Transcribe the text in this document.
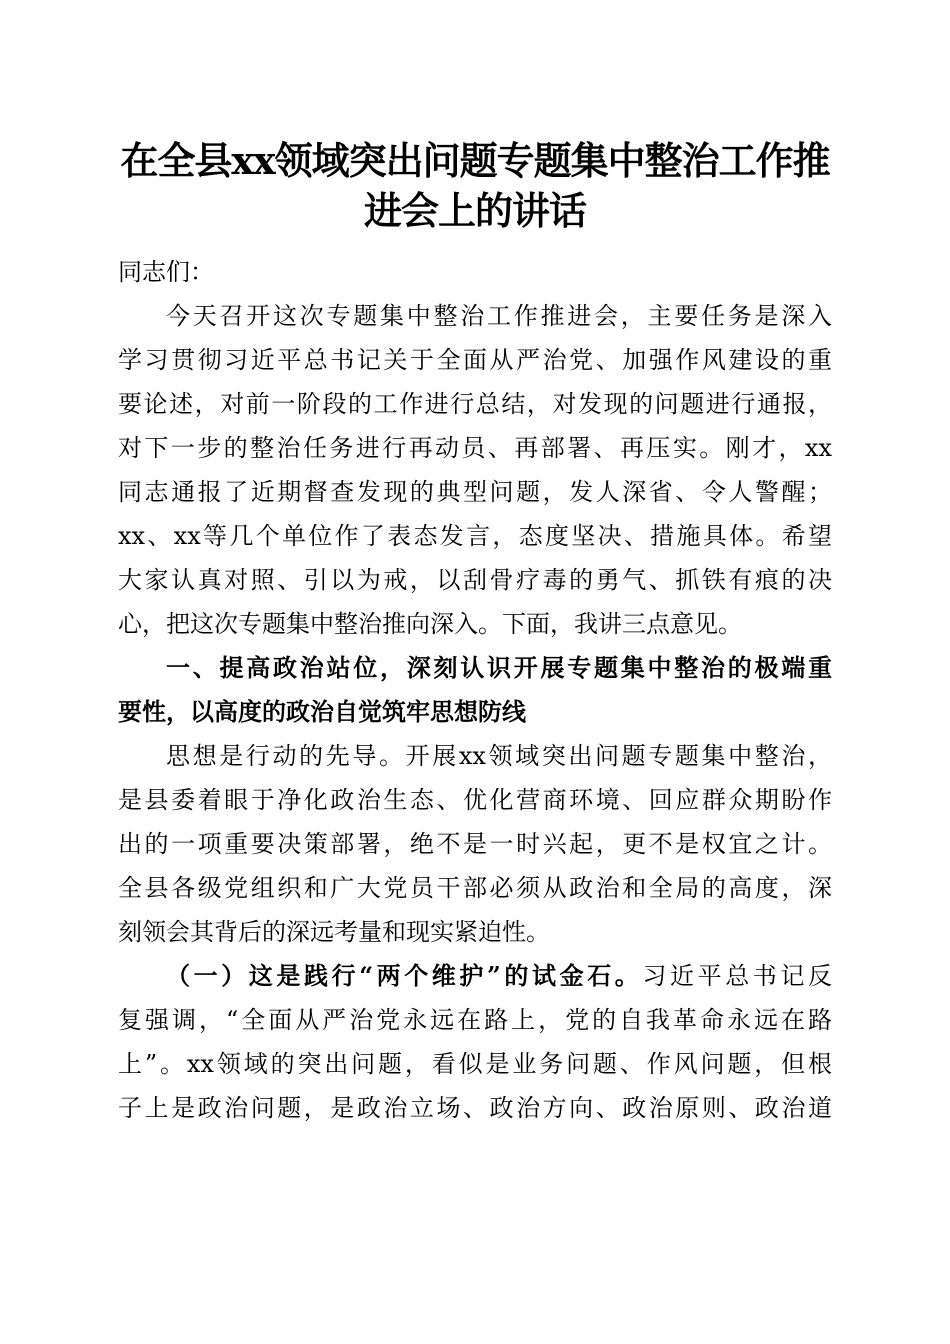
在全县xx领域突出问题专题集中整治工作推
进会上的讲话
同志们：
今天召开这次专题集中整治工作推进会，主要任务是深入
学习贯彻习近平总书记关于全面从严治党、加强作风建设的重
要论述，对前一阶段的工作进行总结，对发现的问题进行通报，
对下一步的整治任务进行再动员、再部署、再压实。刚才，xx
同志通报了近期督查发现的典型问题，发人深省、令人警醒；
xx、xx等几个单位作了表态发言，态度坚决、措施具体。希望
大家认真对照、引以为戒，以刮骨疗毒的勇气、抓铁有痕的决
心，把这次专题集中整治推向深入。下面，我讲三点意见。
一、提高政治站位，深刻认识开展专题集中整治的极端重
要性，以高度的政治自觉筑牢思想防线
思想是行动的先导。开展xx领域突出问题专题集中整治，
是县委着眼于净化政治生态、优化营商环境、回应群众期盼作
出的一项重要决策部署，绝不是一时兴起，更不是权宜之计。
全县各级党组织和广大党员干部必须从政治和全局的高度，深
刻领会其背后的深远考量和现实紧迫性。
（一）这是践行“两个维护”的试金石。习近平总书记反
复强调，“全面从严治党永远在路上，党的自我革命永远在路
上”。xx领域的突出问题，看似是业务问题、作风问题，但根
子上是政治问题，是政治立场、政治方向、政治原则、政治道
